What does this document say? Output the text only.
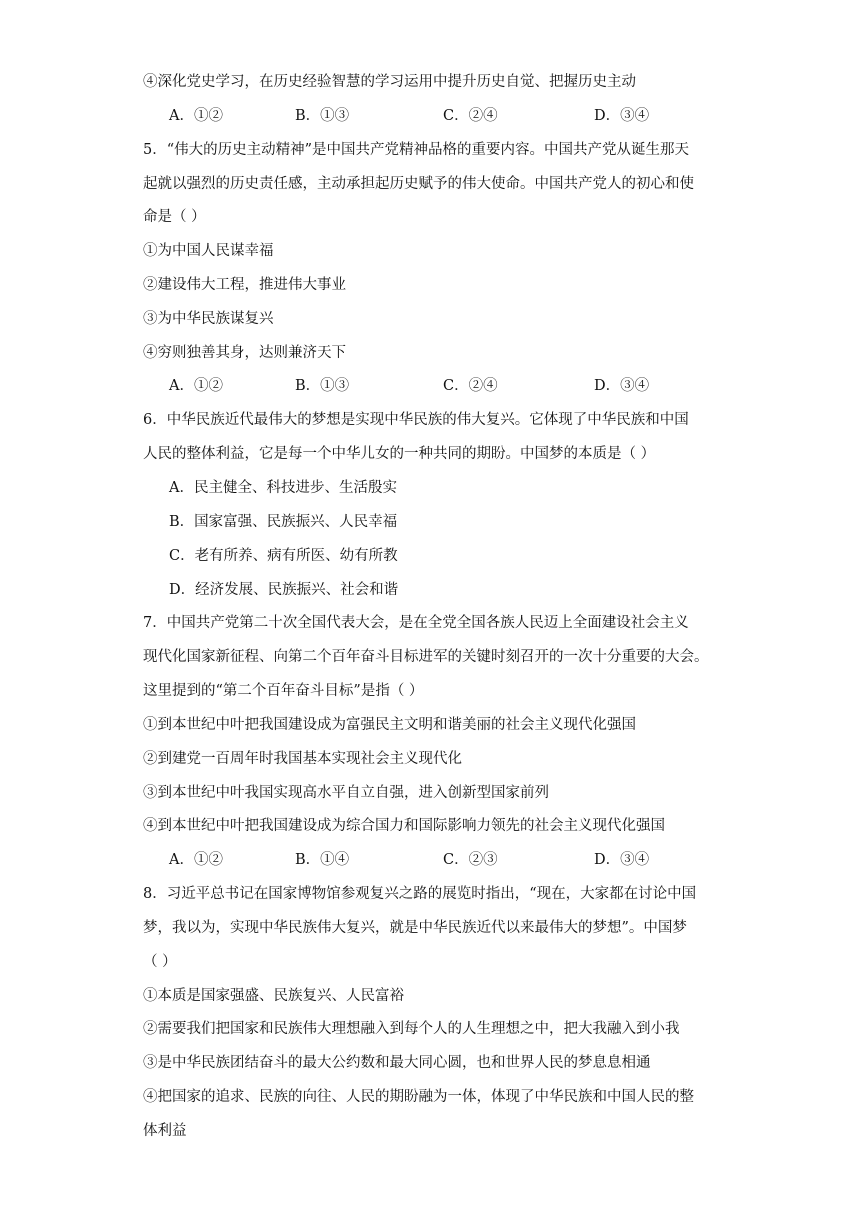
④深化党史学习，在历史经验智慧的学习运用中提升历史自觉、把握历史主动
A．①②	B．①③	C．②④	D．③④
5．“伟大的历史主动精神”是中国共产党精神品格的重要内容。中国共产党从诞生那天
起就以强烈的历史责任感，主动承担起历史赋予的伟大使命。中国共产党人的初心和使
命是（ ）
①为中国人民谋幸福
②建设伟大工程，推进伟大事业
③为中华民族谋复兴
④穷则独善其身，达则兼济天下
A．①②	B．①③	C．②④	D．③④
6．中华民族近代最伟大的梦想是实现中华民族的伟大复兴。它体现了中华民族和中国
人民的整体利益，它是每一个中华儿女的一种共同的期盼。中国梦的本质是（ ）
A．民主健全、科技进步、生活殷实
B．国家富强、民族振兴、人民幸福
C．老有所养、病有所医、幼有所教
D．经济发展、民族振兴、社会和谐
7．中国共产党第二十次全国代表大会，是在全党全国各族人民迈上全面建设社会主义
现代化国家新征程、向第二个百年奋斗目标进军的关键时刻召开的一次十分重要的大会。
这里提到的“第二个百年奋斗目标”是指（ ）
①到本世纪中叶把我国建设成为富强民主文明和谐美丽的社会主义现代化强国
②到建党一百周年时我国基本实现社会主义现代化
③到本世纪中叶我国实现高水平自立自强，进入创新型国家前列
④到本世纪中叶把我国建设成为综合国力和国际影响力领先的社会主义现代化强国
A．①②	B．①④	C．②③	D．③④
8．习近平总书记在国家博物馆参观复兴之路的展览时指出，“现在，大家都在讨论中国
梦，我以为，实现中华民族伟大复兴，就是中华民族近代以来最伟大的梦想”。中国梦
（ ）
①本质是国家强盛、民族复兴、人民富裕
②需要我们把国家和民族伟大理想融入到每个人的人生理想之中，把大我融入到小我
③是中华民族团结奋斗的最大公约数和最大同心圆，也和世界人民的梦息息相通
④把国家的追求、民族的向往、人民的期盼融为一体，体现了中华民族和中国人民的整
体利益
